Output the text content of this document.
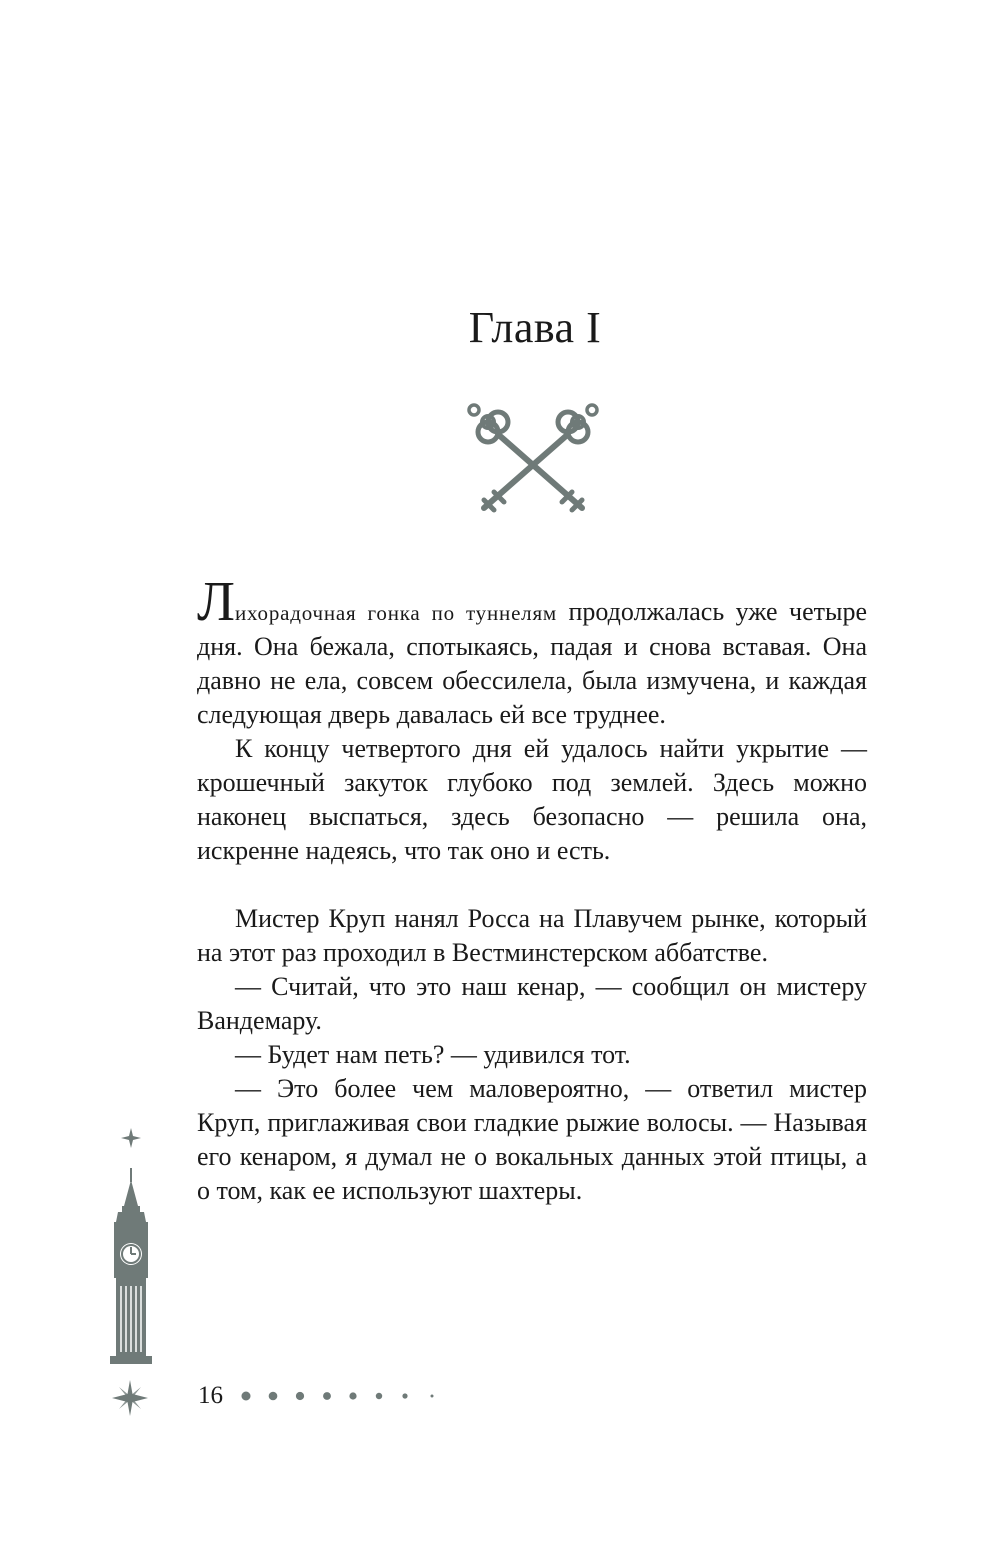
Глава I

Лихорадочная гонка по туннелям продолжалась уже четыре дня. Она бежала, спотыкаясь, падая и снова вставая. Она давно не ела, совсем обессилела, была измучена, и каждая следующая дверь давалась ей все труднее.

К концу четвертого дня ей удалось найти укрытие — крошечный закуток глубоко под землей. Здесь можно наконец выспаться, здесь безопасно — решила она, искренне надеясь, что так оно и есть.

Мистер Круп нанял Росса на Плавучем рынке, который на этот раз проходил в Вестминстерском аббатстве.

— Считай, что это наш кенар, — сообщил он мистеру Вандемару.

— Будет нам петь? — удивился тот.

— Это более чем маловероятно, — ответил мистер Круп, приглаживая свои гладкие рыжие волосы. — Называя его кенаром, я думал не о вокальных данных этой птицы, а о том, как ее используют шахтеры.

16
